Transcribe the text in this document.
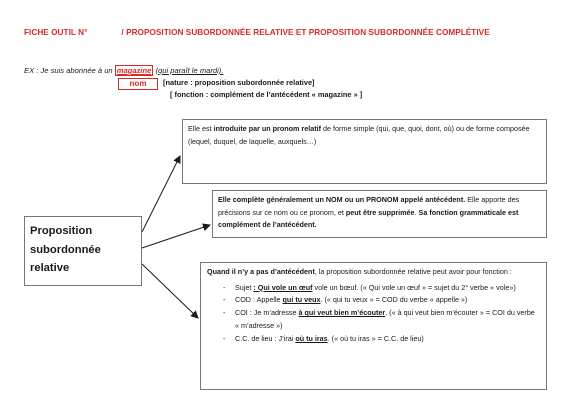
FICHE OUTIL N°	/ PROPOSITION SUBORDONNÉE RELATIVE ET PROPOSITION SUBORDONNÉE COMPLÉTIVE
EX : Je suis abonnée à un magazine (qui paraît le mardi).
nom	[nature : proposition subordonnée relative]
[ fonction : complément de l’antécédent « magazine » ]
Proposition
subordonnée
relative
Elle est introduite par un pronom relatif de forme simple (qui, que, quoi, dont, où) ou de forme composée (lequel, duquel, de laquelle, auxquels…)
Elle complète généralement un NOM ou un PRONOM appelé antécédent. Elle apporte des précisions sur ce nom ou ce pronom, et peut être supprimée. Sa fonction grammaticale est complément de l’antécédent.
Quand il n’y a pas d’antécédent, la proposition subordonnée relative peut avoir pour fonction :
- Sujet : Qui vole un œuf vole un bœuf. (« Qui vole un œuf » = sujet du 2° verbe « vole»)
- COD : Appelle qui tu veux. (« qui tu veux » = COD du verbe « appelle »)
- COI : Je m’adresse à qui veut bien m’écouter. (« à qui veut bien m’écouter » = COI du verbe « m’adresse »)
- C.C. de lieu : J’irai où tu iras. (« où tu iras » = C.C. de lieu)
